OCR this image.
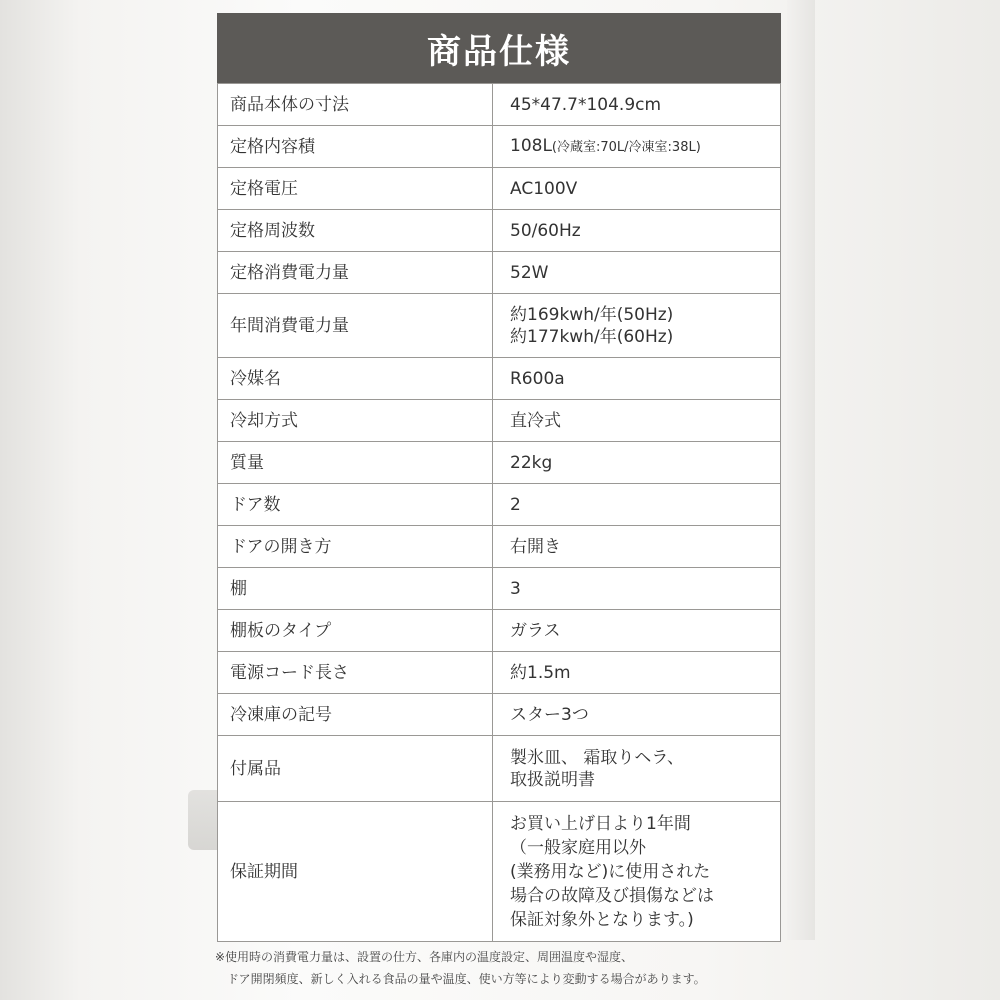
商品仕様
商品本体の寸法	45*47.7*104.9cm
定格内容積	108L(冷蔵室:70L/冷凍室:38L)
定格電圧	AC100V
定格周波数	50/60Hz
定格消費電力量	52W
年間消費電力量	約169kwh/年(50Hz)
約177kwh/年(60Hz)

冷媒名	R600a
冷却方式	直冷式
質量	22kg
ドア数	2
ドアの開き方	右開き
棚	3
棚板のタイプ	ガラス
電源コード長さ	約1.5m
冷凍庫の記号	スター3つ
付属品	製氷皿、 霜取りヘラ、
取扱説明書

保証期間	お買い上げ日より1年間
（一般家庭用以外
(業務用など)に使用された
場合の故障及び損傷などは
保証対象外となります。)
※使用時の消費電力量は、設置の仕方、各庫内の温度設定、周囲温度や湿度、
ドア開閉頻度、新しく入れる食品の量や温度、使い方等により変動する場合があります。
